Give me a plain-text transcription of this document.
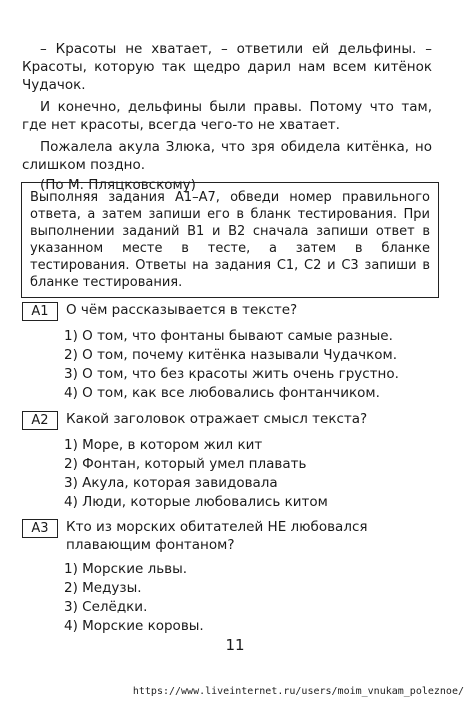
– Красоты не хватает, – ответили ей дельфины. – Красоты, которую так щедро дарил нам всем китёнок Чудачок.

И конечно, дельфины были правы. Потому что там, где нет красоты, всегда чего-то не хватает.

Пожалела акула Злюка, что зря обидела китёнка, но слишком поздно.

(По М. Пляцковскому)

Выполняя задания А1–А7, обведи номер правильного ответа, а затем запиши его в бланк тестирования. При выполнении заданий В1 и В2 сначала запиши ответ в указанном месте в тесте, а затем в бланке тестирования. Ответы на задания С1, С2 и С3 запиши в бланке тестирования.
А1	О чём рассказывается в тексте?
1) О том, что фонтаны бывают самые разные.
2) О том, почему китёнка называли Чудачком.
3) О том, что без красоты жить очень грустно.
4) О том, как все любовались фонтанчиком.
А2	Какой заголовок отражает смысл текста?
1) Море, в котором жил кит
2) Фонтан, который умел плавать
3) Акула, которая завидовала
4) Люди, которые любовались китом
А3	Кто из морских обитателей НЕ любовался плавающим фонтаном?
1) Морские львы.
2) Медузы.
3) Селёдки.
4) Морские коровы.
11
https://www.liveinternet.ru/users/moim_vnukam_poleznoe/
